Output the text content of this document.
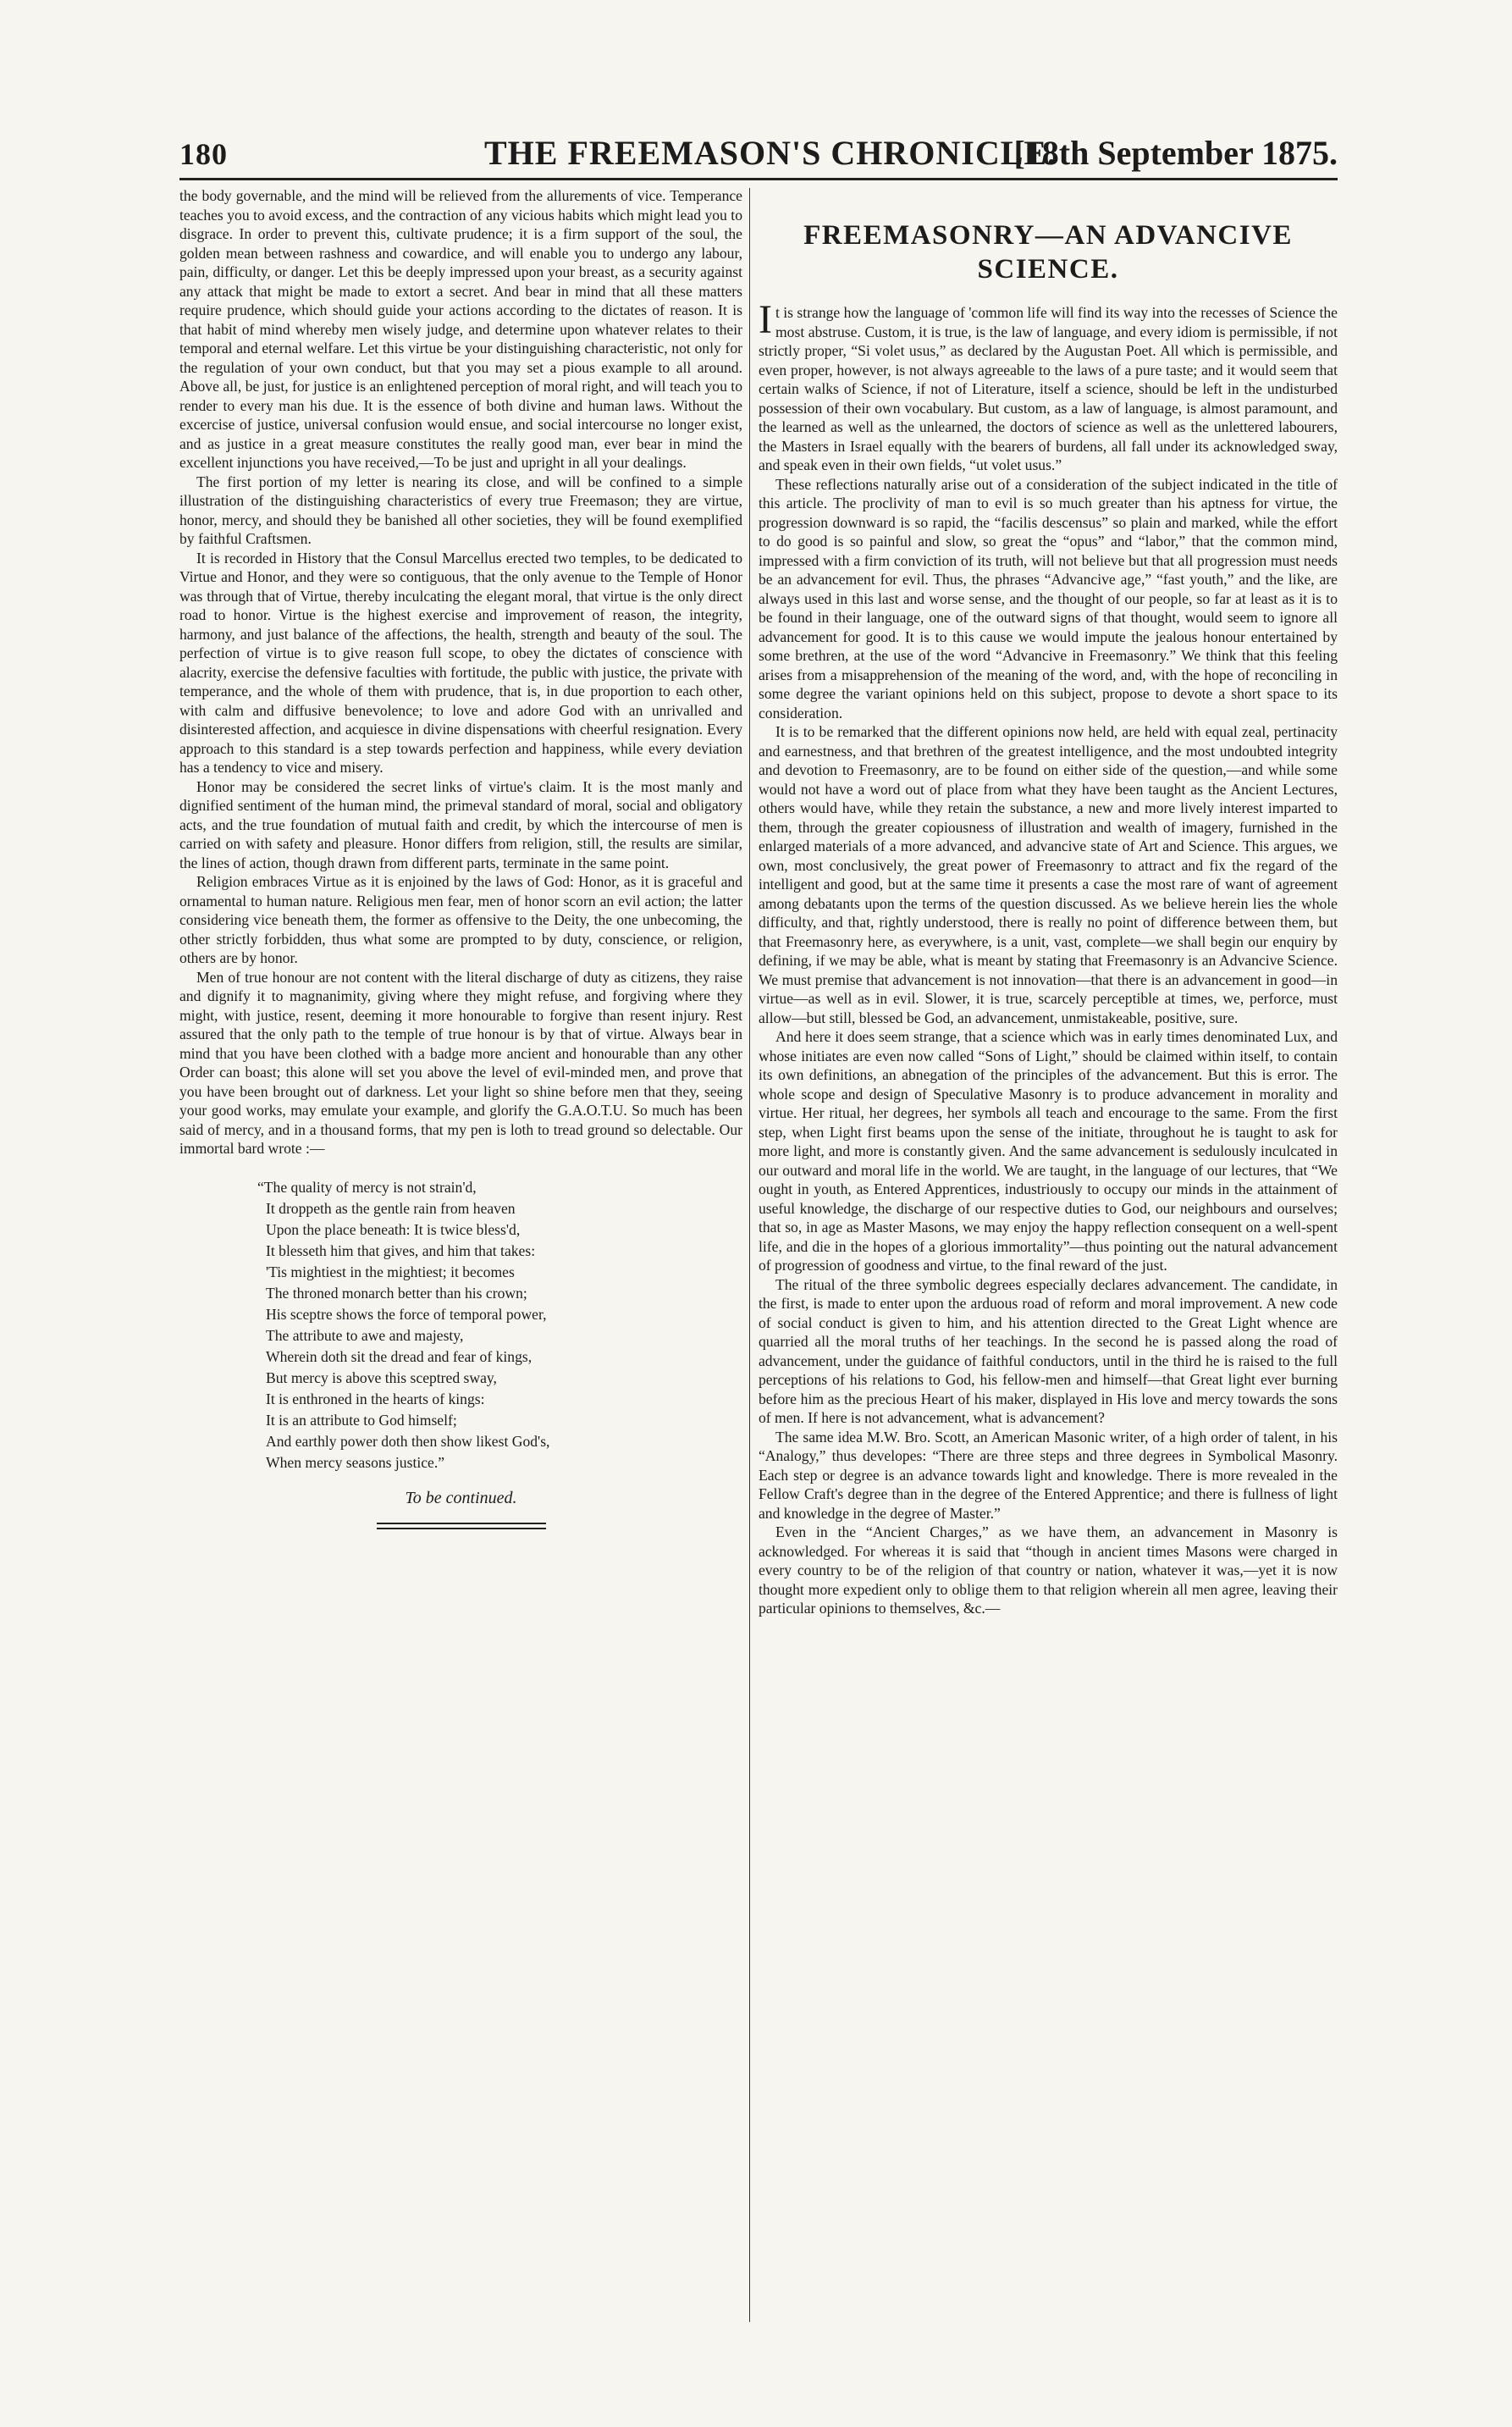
180	THE FREEMASON'S CHRONICLE.
[18th September 1875.

the body governable, and the mind will be relieved from the allurements of vice. Temperance teaches you to avoid excess, and the contraction of any vicious habits which might lead you to disgrace. In order to prevent this, cultivate prudence; it is a firm support of the soul, the golden mean between rashness and cowardice, and will enable you to undergo any labour, pain, difficulty, or danger. Let this be deeply impressed upon your breast, as a security against any attack that might be made to extort a secret. And bear in mind that all these matters require prudence, which should guide your actions according to the dictates of reason. It is that habit of mind whereby men wisely judge, and determine upon whatever relates to their temporal and eternal welfare. Let this virtue be your distinguishing characteristic, not only for the regulation of your own conduct, but that you may set a pious example to all around. Above all, be just, for justice is an enlightened perception of moral right, and will teach you to render to every man his due. It is the essence of both divine and human laws. Without the excercise of justice, universal confusion would ensue, and social intercourse no longer exist, and as justice in a great measure constitutes the really good man, ever bear in mind the excellent injunctions you have received,—To be just and upright in all your dealings.

The first portion of my letter is nearing its close, and will be confined to a simple illustration of the distinguishing characteristics of every true Freemason; they are virtue, honor, mercy, and should they be banished all other societies, they will be found exemplified by faithful Craftsmen.

It is recorded in History that the Consul Marcellus erected two temples, to be dedicated to Virtue and Honor, and they were so contiguous, that the only avenue to the Temple of Honor was through that of Virtue, thereby inculcating the elegant moral, that virtue is the only direct road to honor. Virtue is the highest exercise and improvement of reason, the integrity, harmony, and just balance of the affections, the health, strength and beauty of the soul. The perfection of virtue is to give reason full scope, to obey the dictates of conscience with alacrity, exercise the defensive faculties with fortitude, the public with justice, the private with temperance, and the whole of them with prudence, that is, in due proportion to each other, with calm and diffusive benevolence; to love and adore God with an unrivalled and disinterested affection, and acquiesce in divine dispensations with cheerful resignation. Every approach to this standard is a step towards perfection and happiness, while every deviation has a tendency to vice and misery.

Honor may be considered the secret links of virtue's claim. It is the most manly and dignified sentiment of the human mind, the primeval standard of moral, social and obligatory acts, and the true foundation of mutual faith and credit, by which the intercourse of men is carried on with safety and pleasure. Honor differs from religion, still, the results are similar, the lines of action, though drawn from different parts, terminate in the same point.

Religion embraces Virtue as it is enjoined by the laws of God: Honor, as it is graceful and ornamental to human nature. Religious men fear, men of honor scorn an evil action; the latter considering vice beneath them, the former as offensive to the Deity, the one unbecoming, the other strictly forbidden, thus what some are prompted to by duty, conscience, or religion, others are by honor.

Men of true honour are not content with the literal discharge of duty as citizens, they raise and dignify it to magnanimity, giving where they might refuse, and forgiving where they might, with justice, resent, deeming it more honourable to forgive than resent injury. Rest assured that the only path to the temple of true honour is by that of virtue. Always bear in mind that you have been clothed with a badge more ancient and honourable than any other Order can boast; this alone will set you above the level of evil-minded men, and prove that you have been brought out of darkness. Let your light so shine before men that they, seeing your good works, may emulate your example, and glorify the G.A.O.T.U. So much has been said of mercy, and in a thousand forms, that my pen is loth to tread ground so delectable. Our immortal bard wrote :—

“The quality of mercy is not strain'd,
It droppeth as the gentle rain from heaven
Upon the place beneath: It is twice bless'd,
It blesseth him that gives, and him that takes:
'Tis mightiest in the mightiest; it becomes
The throned monarch better than his crown;
His sceptre shows the force of temporal power,
The attribute to awe and majesty,
Wherein doth sit the dread and fear of kings,
But mercy is above this sceptred sway,
It is enthroned in the hearts of kings:
It is an attribute to God himself;
And earthly power doth then show likest God's,
When mercy seasons justice.”
To be continued.
FREEMASONRY—AN ADVANCIVE SCIENCE.

It is strange how the language of 'common life will find its way into the recesses of Science the most abstruse. Custom, it is true, is the law of language, and every idiom is permissible, if not strictly proper, “Si volet usus,” as declared by the Augustan Poet. All which is permissible, and even proper, however, is not always agreeable to the laws of a pure taste; and it would seem that certain walks of Science, if not of Literature, itself a science, should be left in the undisturbed possession of their own vocabulary. But custom, as a law of language, is almost paramount, and the learned as well as the unlearned, the doctors of science as well as the unlettered labourers, the Masters in Israel equally with the bearers of burdens, all fall under its acknowledged sway, and speak even in their own fields, “ut volet usus.”

These reflections naturally arise out of a consideration of the subject indicated in the title of this article. The proclivity of man to evil is so much greater than his aptness for virtue, the progression downward is so rapid, the “facilis descensus” so plain and marked, while the effort to do good is so painful and slow, so great the “opus” and “labor,” that the common mind, impressed with a firm conviction of its truth, will not believe but that all progression must needs be an advancement for evil. Thus, the phrases “Advancive age,” “fast youth,” and the like, are always used in this last and worse sense, and the thought of our people, so far at least as it is to be found in their language, one of the outward signs of that thought, would seem to ignore all advancement for good. It is to this cause we would impute the jealous honour entertained by some brethren, at the use of the word “Advancive in Freemasonry.” We think that this feeling arises from a misapprehension of the meaning of the word, and, with the hope of reconciling in some degree the variant opinions held on this subject, propose to devote a short space to its consideration.

It is to be remarked that the different opinions now held, are held with equal zeal, pertinacity and earnestness, and that brethren of the greatest intelligence, and the most undoubted integrity and devotion to Freemasonry, are to be found on either side of the question,—and while some would not have a word out of place from what they have been taught as the Ancient Lectures, others would have, while they retain the substance, a new and more lively interest imparted to them, through the greater copiousness of illustration and wealth of imagery, furnished in the enlarged materials of a more advanced, and advancive state of Art and Science. This argues, we own, most conclusively, the great power of Freemasonry to attract and fix the regard of the intelligent and good, but at the same time it presents a case the most rare of want of agreement among debatants upon the terms of the question discussed. As we believe herein lies the whole difficulty, and that, rightly understood, there is really no point of difference between them, but that Freemasonry here, as everywhere, is a unit, vast, complete—we shall begin our enquiry by defining, if we may be able, what is meant by stating that Freemasonry is an Advancive Science. We must premise that advancement is not innovation—that there is an advancement in good—in virtue—as well as in evil. Slower, it is true, scarcely perceptible at times, we, perforce, must allow—but still, blessed be God, an advancement, unmistakeable, positive, sure.

And here it does seem strange, that a science which was in early times denominated Lux, and whose initiates are even now called “Sons of Light,” should be claimed within itself, to contain its own definitions, an abnegation of the principles of the advancement. But this is error. The whole scope and design of Speculative Masonry is to produce advancement in morality and virtue. Her ritual, her degrees, her symbols all teach and encourage to the same. From the first step, when Light first beams upon the sense of the initiate, throughout he is taught to ask for more light, and more is constantly given. And the same advancement is sedulously inculcated in our outward and moral life in the world. We are taught, in the language of our lectures, that “We ought in youth, as Entered Apprentices, industriously to occupy our minds in the attainment of useful knowledge, the discharge of our respective duties to God, our neighbours and ourselves; that so, in age as Master Masons, we may enjoy the happy reflection consequent on a well-spent life, and die in the hopes of a glorious immortality”—thus pointing out the natural advancement of progression of goodness and virtue, to the final reward of the just.

The ritual of the three symbolic degrees especially declares advancement. The candidate, in the first, is made to enter upon the arduous road of reform and moral improvement. A new code of social conduct is given to him, and his attention directed to the Great Light whence are quarried all the moral truths of her teachings. In the second he is passed along the road of advancement, under the guidance of faithful conductors, until in the third he is raised to the full perceptions of his relations to God, his fellow-men and himself—that Great light ever burning before him as the precious Heart of his maker, displayed in His love and mercy towards the sons of men. If here is not advancement, what is advancement?

The same idea M.W. Bro. Scott, an American Masonic writer, of a high order of talent, in his “Analogy,” thus developes: “There are three steps and three degrees in Symbolical Masonry. Each step or degree is an advance towards light and knowledge. There is more revealed in the Fellow Craft's degree than in the degree of the Entered Apprentice; and there is fullness of light and knowledge in the degree of Master.”

Even in the “Ancient Charges,” as we have them, an advancement in Masonry is acknowledged. For whereas it is said that “though in ancient times Masons were charged in every country to be of the religion of that country or nation, whatever it was,—yet it is now thought more expedient only to oblige them to that religion wherein all men agree, leaving their particular opinions to themselves, &c.—
